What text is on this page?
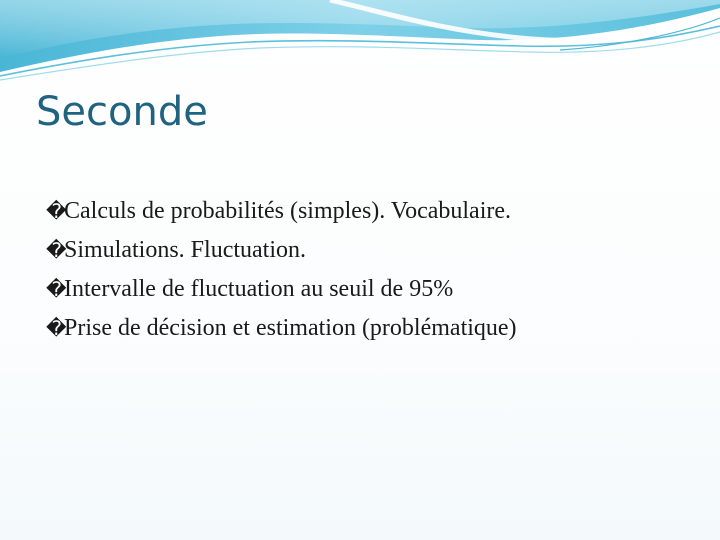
Seconde
�
Calculs de probabilités (simples). Vocabulaire.
�
Simulations. Fluctuation.
�
Intervalle de fluctuation au seuil de 95%
�
Prise de décision et estimation (problématique)
